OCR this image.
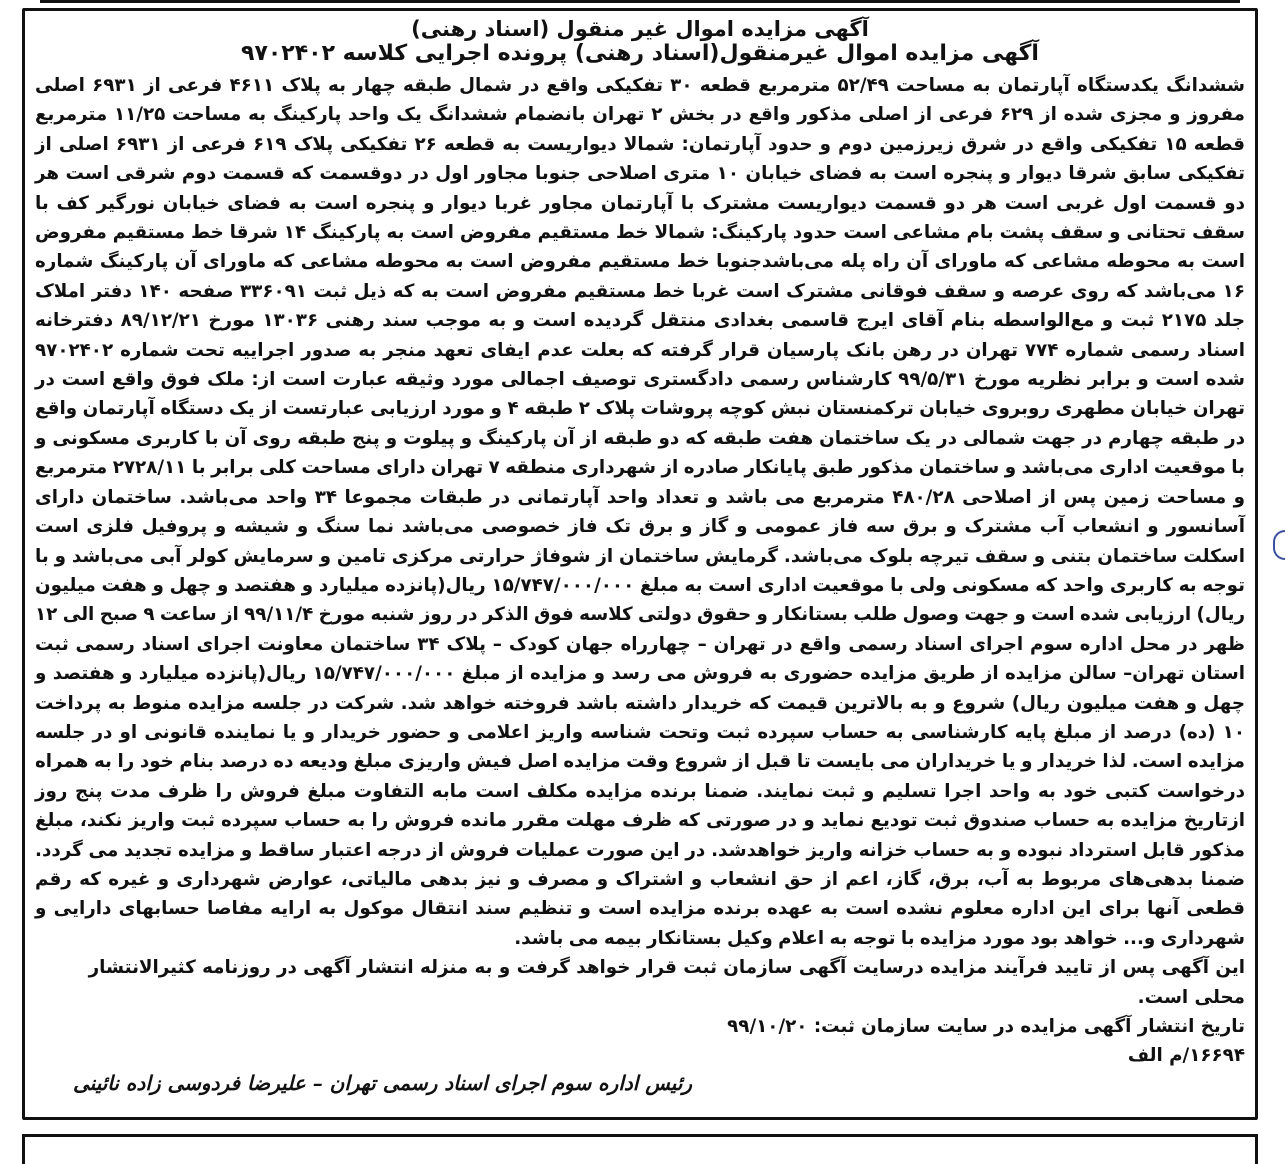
آگهی مزایده اموال غیر منقول (اسناد رهنی)

آگهی مزایده اموال غیرمنقول(اسناد رهنی) پرونده اجرایی کلاسه ۹۷۰۲۴۰۲

ششدانگ یکدستگاه آپارتمان به مساحت ۵۲/۴۹ مترمربع قطعه ۳۰ تفکیکی واقع در شمال طبقه چهار به پلاک ۴۶۱۱ فرعی از ۶۹۳۱ اصلی مفروز و مجزی شده از ۶۲۹ فرعی از اصلی مذکور واقع در بخش ۲ تهران بانضمام ششدانگ یک واحد پارکینگ به مساحت ۱۱/۲۵ مترمربع قطعه ۱۵ تفکیکی واقع در شرق زیرزمین دوم و حدود آپارتمان: شمالا دیواریست به قطعه ۲۶ تفکیکی پلاک ۶۱۹ فرعی از ۶۹۳۱ اصلی از تفکیکی سابق شرقا دیوار و پنجره است به فضای خیابان ۱۰ متری اصلاحی جنوبا مجاور اول در دوقسمت که قسمت دوم شرقی است هر دو قسمت اول غربی است هر دو قسمت دیواریست مشترک با آپارتمان مجاور غربا دیوار و پنجره است به فضای خیابان نورگیر کف با سقف تحتانی و سقف پشت بام مشاعی است حدود پارکینگ: شمالا خط مستقیم مفروض است به پارکینگ ۱۴ شرقا خط مستقیم مفروض است به محوطه مشاعی که ماورای آن راه پله می‌باشدجنوبا خط مستقیم مفروض است به محوطه مشاعی که ماورای آن پارکینگ شماره ۱۶ می‌باشد که روی عرصه و سقف فوقانی مشترک است غربا خط مستقیم مفروض است به که ذیل ثبت ۳۳۶۰۹۱ صفحه ۱۴۰ دفتر املاک جلد ۲۱۷۵ ثبت و مع‌الواسطه بنام آقای ایرج قاسمی بغدادی منتقل گردیده است و به موجب سند رهنی ۱۳۰۳۶ مورخ ۸۹/۱۲/۲۱ دفترخانه اسناد رسمی شماره ۷۷۴ تهران در رهن بانک پارسیان قرار گرفته که بعلت عدم ایفای تعهد منجر به صدور اجراییه تحت شماره ۹۷۰۲۴۰۲ شده است و برابر نظریه مورخ ۹۹/۵/۳۱ کارشناس رسمی دادگستری توصیف اجمالی مورد وثیقه عبارت است از: ملک فوق واقع است در تهران خیابان مطهری روبروی خیابان ترکمنستان نبش کوچه پروشات پلاک ۲ طبقه ۴ و مورد ارزیابی عبارتست از یک دستگاه آپارتمان واقع در طبقه چهارم در جهت شمالی در یک ساختمان هفت طبقه که دو طبقه از آن پارکینگ و پیلوت و پنج طبقه روی آن با کاربری مسکونی و با موقعیت اداری می‌باشد و ساختمان مذکور طبق پایانکار صادره از شهرداری منطقه ۷ تهران دارای مساحت کلی برابر با ۲۷۲۸/۱۱ مترمربع و مساحت زمین پس از اصلاحی ۴۸۰/۲۸ مترمربع می باشد و تعداد واحد آپارتمانی در طبقات مجموعا ۳۴ واحد می‌باشد. ساختمان دارای آسانسور و انشعاب آب مشترک و برق سه فاز عمومی و گاز و برق تک فاز خصوصی می‌باشد نما سنگ و شیشه و پروفیل فلزی است اسکلت ساختمان بتنی و سقف تیرچه بلوک می‌باشد. گرمایش ساختمان از شوفاژ حرارتی مرکزی تامین و سرمایش کولر آبی می‌باشد و با توجه به کاربری واحد که مسکونی ولی با موقعیت اداری است به مبلغ ۱۵/۷۴۷/۰۰۰/۰۰۰ ریال(پانزده میلیارد و هفتصد و چهل و هفت میلیون ریال) ارزیابی شده است و جهت وصول طلب بستانکار و حقوق دولتی کلاسه فوق الذکر در روز شنبه مورخ ۹۹/۱۱/۴ از ساعت ۹ صبح الی ۱۲ ظهر در محل اداره سوم اجرای اسناد رسمی واقع در تهران – چهارراه جهان کودک – پلاک ۳۴ ساختمان معاونت اجرای اسناد رسمی ثبت استان تهران– سالن مزایده از طریق مزایده حضوری به فروش می رسد و مزایده از مبلغ ۱۵/۷۴۷/۰۰۰/۰۰۰ ریال(پانزده میلیارد و هفتصد و چهل و هفت میلیون ریال) شروع و به بالاترین قیمت که خریدار داشته باشد فروخته خواهد شد. شرکت در جلسه مزایده منوط به پرداخت ۱۰ (ده) درصد از مبلغ پایه کارشناسی به حساب سپرده ثبت وتحت شناسه واریز اعلامی و حضور خریدار و یا نماینده قانونی او در جلسه مزایده است. لذا خریدار و یا خریداران می بایست تا قبل از شروع وقت مزایده اصل فیش واریزی مبلغ ودیعه ده درصد بنام خود را به همراه درخواست کتبی خود به واحد اجرا تسلیم و ثبت نمایند. ضمنا برنده مزایده مکلف است مابه التفاوت مبلغ فروش را ظرف مدت پنج روز ازتاریخ مزایده به حساب صندوق ثبت تودیع نماید و در صورتی که ظرف مهلت مقرر مانده فروش را به حساب سپرده ثبت واریز نکند، مبلغ مذکور قابل استرداد نبوده و به حساب خزانه واریز خواهدشد. در این صورت عملیات فروش از درجه اعتبار ساقط و مزایده تجدید می گردد. ضمنا بدهی‌های مربوط به آب، برق، گاز، اعم از حق انشعاب و اشتراک و مصرف و نیز بدهی مالیاتی، عوارض شهرداری و غیره که رقم قطعی آنها برای این اداره معلوم نشده است به عهده برنده مزایده است و تنظیم سند انتقال موکول به ارایه مفاصا حسابهای دارایی و شهرداری و... خواهد بود مورد مزایده با توجه به اعلام وکیل بستانکار بیمه می باشد.

این آگهی پس از تایید فرآیند مزایده درسایت آگهی سازمان ثبت قرار خواهد گرفت و به منزله انتشار آگهی در روزنامه کثیر‌الانتشار محلی است.

تاریخ انتشار آگهی مزایده در سایت سازمان ثبت: ۹۹/۱۰/۲۰

۱۶۶۹۴/م الف

رئیس اداره سوم اجرای اسناد رسمی تهران – علیرضا فردوسی زاده نائینی
